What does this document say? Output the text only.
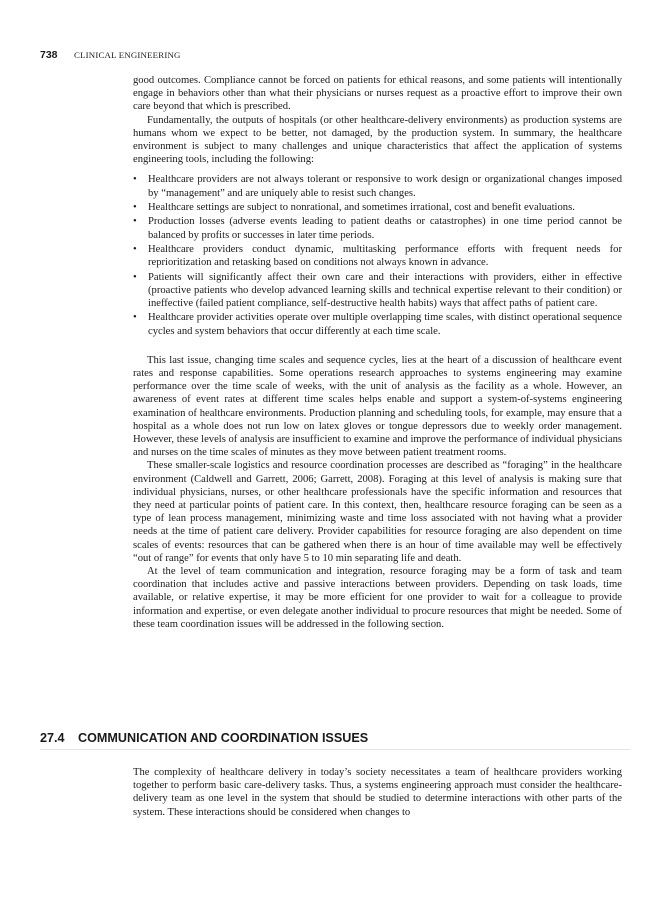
738 CLINICAL ENGINEERING

good outcomes. Compliance cannot be forced on patients for ethical reasons, and some patients will intentionally engage in behaviors other than what their physicians or nurses request as a proactive effort to improve their own care beyond that which is prescribed.

Fundamentally, the outputs of hospitals (or other healthcare-delivery environments) as production systems are humans whom we expect to be better, not damaged, by the production system. In summary, the healthcare environment is subject to many challenges and unique characteristics that affect the application of systems engineering tools, including the following:

• Healthcare providers are not always tolerant or responsive to work design or organizational changes imposed by “management” and are uniquely able to resist such changes.
• Healthcare settings are subject to nonrational, and sometimes irrational, cost and benefit evaluations.
• Production losses (adverse events leading to patient deaths or catastrophes) in one time period cannot be balanced by profits or successes in later time periods.
• Healthcare providers conduct dynamic, multitasking performance efforts with frequent needs for reprioritization and retasking based on conditions not always known in advance.
• Patients will significantly affect their own care and their interactions with providers, either in effective (proactive patients who develop advanced learning skills and technical expertise relevant to their condition) or ineffective (failed patient compliance, self-destructive health habits) ways that affect paths of patient care.
• Healthcare provider activities operate over multiple overlapping time scales, with distinct operational sequence cycles and system behaviors that occur differently at each time scale.

This last issue, changing time scales and sequence cycles, lies at the heart of a discussion of healthcare event rates and response capabilities. Some operations research approaches to systems engineering may examine performance over the time scale of weeks, with the unit of analysis as the facility as a whole. However, an awareness of event rates at different time scales helps enable and support a system-of-systems engineering examination of healthcare environments. Production planning and scheduling tools, for example, may ensure that a hospital as a whole does not run low on latex gloves or tongue depressors due to weekly order management. However, these levels of analysis are insufficient to examine and improve the performance of individual physicians and nurses on the time scales of minutes as they move between patient treatment rooms.

These smaller-scale logistics and resource coordination processes are described as “foraging” in the healthcare environment (Caldwell and Garrett, 2006; Garrett, 2008). Foraging at this level of analysis is making sure that individual physicians, nurses, or other healthcare professionals have the specific information and resources that they need at particular points of patient care. In this context, then, healthcare resource foraging can be seen as a type of lean process management, minimizing waste and time loss associated with not having what a provider needs at the time of patient care delivery. Provider capabilities for resource foraging are also dependent on time scales of events: resources that can be gathered when there is an hour of time available may well be effectively “out of range” for events that only have 5 to 10 min separating life and death.

At the level of team communication and integration, resource foraging may be a form of task and team coordination that includes active and passive interactions between providers. Depending on task loads, time available, or relative expertise, it may be more efficient for one provider to wait for a colleague to provide information and expertise, or even delegate another individual to procure resources that might be needed. Some of these team coordination issues will be addressed in the following section.

27.4 COMMUNICATION AND COORDINATION ISSUES

The complexity of healthcare delivery in today’s society necessitates a team of healthcare providers working together to perform basic care-delivery tasks. Thus, a systems engineering approach must consider the healthcare-delivery team as one level in the system that should be studied to determine interactions with other parts of the system. These interactions should be considered when changes to
